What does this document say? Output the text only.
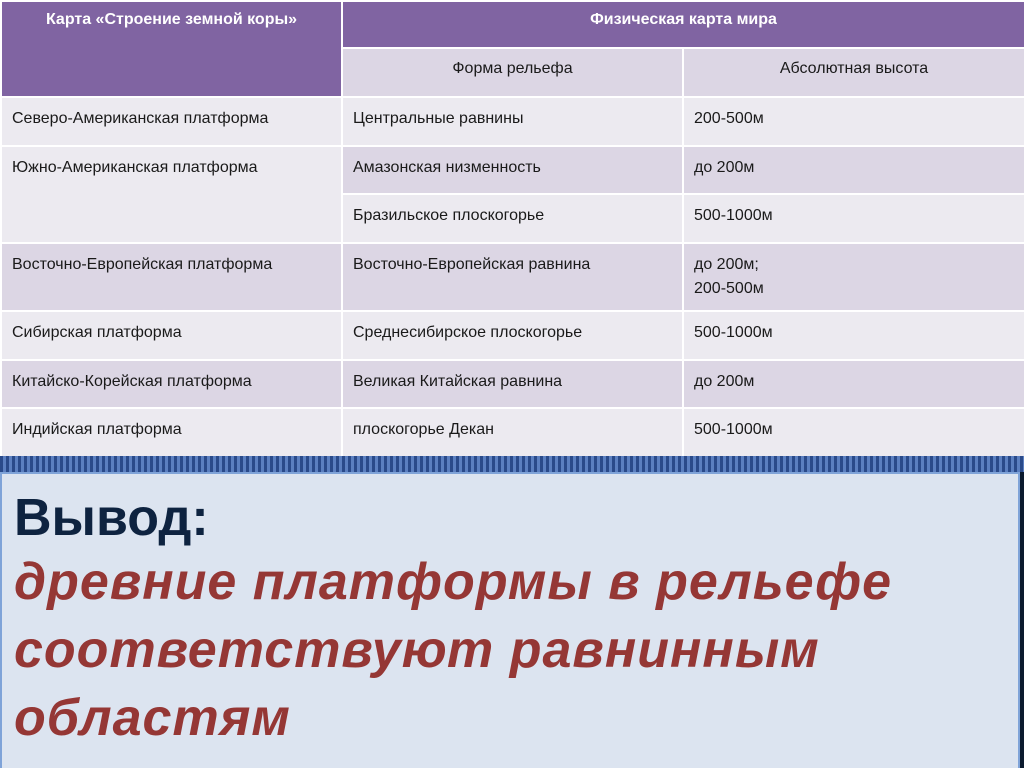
Карта «Строение земной коры»	Физическая карта мира	
	Форма рельефа	Абсолютная высота
Северо-Американская платформа	Центральные равнины	200-500м
Южно-Американская платформа	Амазонская низменность	до 200м
	Бразильское плоскогорье	500-1000м
Восточно-Европейская платформа	Восточно-Европейская равнина	до 200м;
200-500м
Сибирская платформа	Среднесибирское плоскогорье	500-1000м
Китайско-Корейская платформа	Великая Китайская равнина	до 200м
Индийская платформа	плоскогорье Декан	500-1000м
Вывод:
древние платформы в рельефе
соответствуют равнинным
областям
